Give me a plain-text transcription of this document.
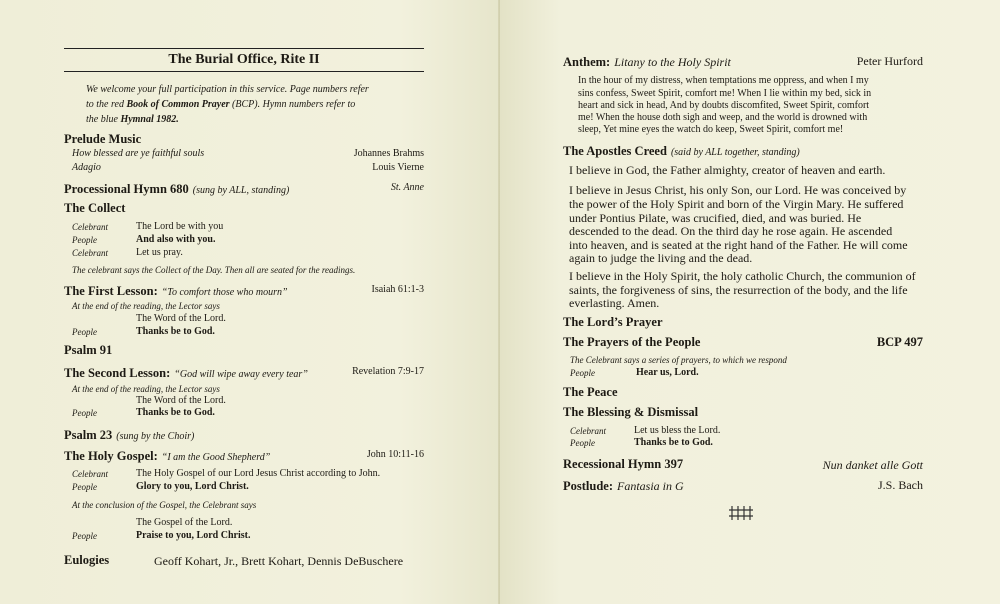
The Burial Office, Rite II
We welcome your full participation in this service. Page numbers refer
to the red Book of Common Prayer (BCP). Hymn numbers refer to
the blue Hymnal 1982.
Prelude Music
How blessed are ye faithful souls	Johannes Brahms
Adagio	Louis Vierne
Processional Hymn 680 (sung by ALL, standing)	St. Anne
The Collect
Celebrant	The Lord be with you
People	And also with you.
Celebrant	Let us pray.
The celebrant says the Collect of the Day. Then all are seated for the readings.
The First Lesson: “To comfort those who mourn”	Isaiah 61:1-3
At the end of the reading, the Lector says
The Word of the Lord.
People	Thanks be to God.
Psalm 91
The Second Lesson: “God will wipe away every tear”	Revelation 7:9-17
At the end of the reading, the Lector says
The Word of the Lord.
People	Thanks be to God.
Psalm 23 (sung by the Choir)
The Holy Gospel: “I am the Good Shepherd”	John 10:11-16
Celebrant	The Holy Gospel of our Lord Jesus Christ according to John.
People	Glory to you, Lord Christ.
At the conclusion of the Gospel, the Celebrant says
The Gospel of the Lord.
People	Praise to you, Lord Christ.
Eulogies	Geoff Kohart, Jr., Brett Kohart, Dennis DeBuschere
Anthem: Litany to the Holy Spirit	Peter Hurford
In the hour of my distress, when temptations me oppress, and when I my
sins confess, Sweet Spirit, comfort me! When I lie within my bed, sick in
heart and sick in head, And by doubts discomfited, Sweet Spirit, comfort
me! When the house doth sigh and weep, and the world is drowned with
sleep, Yet mine eyes the watch do keep, Sweet Spirit, comfort me!
The Apostles Creed (said by ALL together, standing)
I believe in God, the Father almighty, creator of heaven and earth.
I believe in Jesus Christ, his only Son, our Lord. He was conceived by
the power of the Holy Spirit and born of the Virgin Mary. He suffered
under Pontius Pilate, was crucified, died, and was buried. He
descended to the dead. On the third day he rose again. He ascended
into heaven, and is seated at the right hand of the Father. He will come
again to judge the living and the dead.
I believe in the Holy Spirit, the holy catholic Church, the communion of
saints, the forgiveness of sins, the resurrection of the body, and the life
everlasting. Amen.
The Lord’s Prayer
The Prayers of the People	BCP 497
The Celebrant says a series of prayers, to which we respond
People	Hear us, Lord.
The Peace
The Blessing & Dismissal
Celebrant	Let us bless the Lord.
People	Thanks be to God.
Recessional Hymn 397	Nun danket alle Gott
Postlude: Fantasia in G	J.S. Bach
